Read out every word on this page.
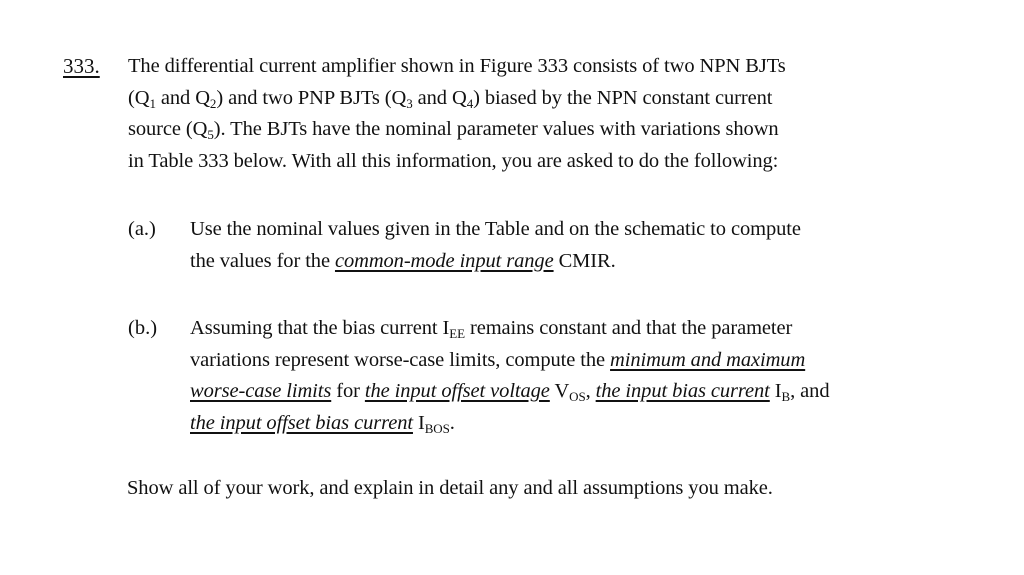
333. The differential current amplifier shown in Figure 333 consists of two NPN BJTs
($Q_1$ and $Q_2$) and two PNP BJTs ($Q_3$ and $Q_4$) biased by the NPN constant current
source $(Q_5)$. The BJTs have the nominal parameter values with variations shown
in Table 333 below. With all this information, you are asked to do the following:
(a.) Use the nominal values given in the Table and on the schematic to compute
the values for the common-mode input range CMIR.
(b.) Assuming that the bias current $I_{EE}$ remains constant and that the parameter
variations represent worse-case limits, compute the minimum and maximum
worse-case limits for the input offset voltage $V_{OS}$, the input bias current $I_B$, and
the input offset bias current $I_{BOS}$.
Show all of your work, and explain in detail any and all assumptions you make.
